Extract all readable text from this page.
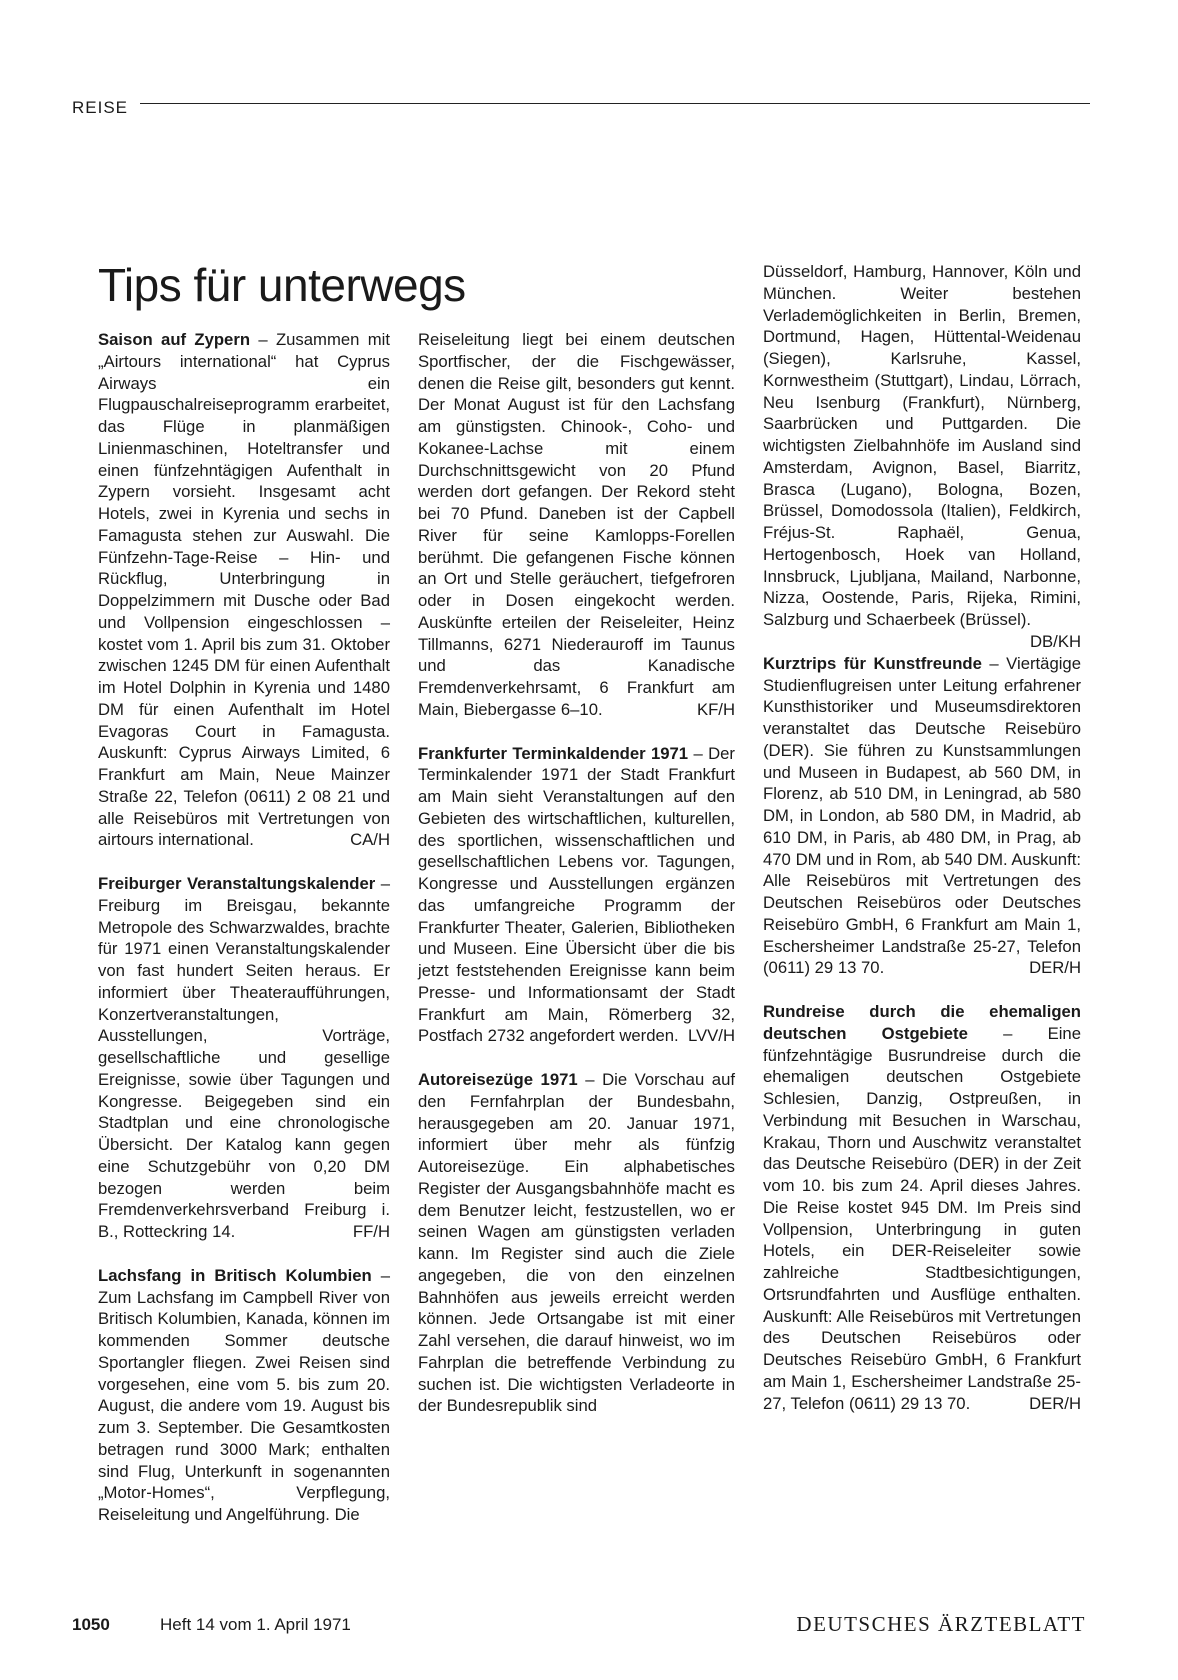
REISE
Tips für unterwegs

Saison auf Zypern – Zusammen mit „Airtours international“ hat Cyprus Airways ein Flugpauschalreiseprogramm erarbeitet, das Flüge in planmäßigen Linienmaschinen, Hoteltransfer und einen fünfzehntägigen Aufenthalt in Zypern vorsieht. Insgesamt acht Hotels, zwei in Kyrenia und sechs in Famagusta stehen zur Auswahl. Die Fünfzehn-Tage-Reise – Hin- und Rückflug, Unterbringung in Doppelzimmern mit Dusche oder Bad und Vollpension eingeschlossen – kostet vom 1. April bis zum 31. Oktober zwischen 1245 DM für einen Aufenthalt im Hotel Dolphin in Kyrenia und 1480 DM für einen Aufenthalt im Hotel Evagoras Court in Famagusta. Auskunft: Cyprus Airways Limited, 6 Frankfurt am Main, Neue Mainzer Straße 22, Telefon (0611) 2 08 21 und alle Reisebüros mit Vertretungen von airtours international.	CA/H

Freiburger Veranstaltungskalender – Freiburg im Breisgau, bekannte Metropole des Schwarzwaldes, brachte für 1971 einen Veranstaltungskalender von fast hundert Seiten heraus. Er informiert über Theateraufführungen, Konzertveranstaltungen, Ausstellungen, Vorträge, gesellschaftliche und gesellige Ereignisse, sowie über Tagungen und Kongresse. Beigegeben sind ein Stadtplan und eine chronologische Übersicht. Der Katalog kann gegen eine Schutzgebühr von 0,20 DM bezogen werden beim Fremdenverkehrsverband Freiburg i. B., Rotteckring 14.	FF/H

Lachsfang in Britisch Kolumbien – Zum Lachsfang im Campbell River von Britisch Kolumbien, Kanada, können im kommenden Sommer deutsche Sportangler fliegen. Zwei Reisen sind vorgesehen, eine vom 5. bis zum 20. August, die andere vom 19. August bis zum 3. September. Die Gesamtkosten betragen rund 3000 Mark; enthalten sind Flug, Unterkunft in sogenannten „Motor-Homes“, Verpflegung, Reiseleitung und Angelführung. Die

Reiseleitung liegt bei einem deutschen Sportfischer, der die Fischgewässer, denen die Reise gilt, besonders gut kennt. Der Monat August ist für den Lachsfang am günstigsten. Chinook-, Coho- und Kokanee-Lachse mit einem Durchschnittsgewicht von 20 Pfund werden dort gefangen. Der Rekord steht bei 70 Pfund. Daneben ist der Capbell River für seine Kamlopps-Forellen berühmt. Die gefangenen Fische können an Ort und Stelle geräuchert, tiefgefroren oder in Dosen eingekocht werden. Auskünfte erteilen der Reiseleiter, Heinz Tillmanns, 6271 Niederauroff im Taunus und das Kanadische Fremdenverkehrsamt, 6 Frankfurt am Main, Biebergasse 6–10.	KF/H

Frankfurter Terminkaldender 1971 – Der Terminkalender 1971 der Stadt Frankfurt am Main sieht Veranstaltungen auf den Gebieten des wirtschaftlichen, kulturellen, des sportlichen, wissenschaftlichen und gesellschaftlichen Lebens vor. Tagungen, Kongresse und Ausstellungen ergänzen das umfangreiche Programm der Frankfurter Theater, Galerien, Bibliotheken und Museen. Eine Übersicht über die bis jetzt feststehenden Ereignisse kann beim Presse- und Informationsamt der Stadt Frankfurt am Main, Römerberg 32, Postfach 2732 angefordert werden. LVV/H

Autoreisezüge 1971 – Die Vorschau auf den Fernfahrplan der Bundesbahn, herausgegeben am 20. Januar 1971, informiert über mehr als fünfzig Autoreisezüge. Ein alphabetisches Register der Ausgangsbahnhöfe macht es dem Benutzer leicht, festzustellen, wo er seinen Wagen am günstigsten verladen kann. Im Register sind auch die Ziele angegeben, die von den einzelnen Bahnhöfen aus jeweils erreicht werden können. Jede Ortsangabe ist mit einer Zahl versehen, die darauf hinweist, wo im Fahrplan die betreffende Verbindung zu suchen ist. Die wichtigsten Verladeorte in der Bundesrepublik sind

Düsseldorf, Hamburg, Hannover, Köln und München. Weiter bestehen Verlademöglichkeiten in Berlin, Bremen, Dortmund, Hagen, Hüttental-Weidenau (Siegen), Karlsruhe, Kassel, Kornwestheim (Stuttgart), Lindau, Lörrach, Neu Isenburg (Frankfurt), Nürnberg, Saarbrücken und Puttgarden. Die wichtigsten Zielbahnhöfe im Ausland sind Amsterdam, Avignon, Basel, Biarritz, Brasca (Lugano), Bologna, Bozen, Brüssel, Domodossola (Italien), Feldkirch, Fréjus-St. Raphaël, Genua, Hertogenbosch, Hoek van Holland, Innsbruck, Ljubljana, Mailand, Narbonne, Nizza, Oostende, Paris, Rijeka, Rimini, Salzburg und Schaerbeek (Brüssel).
DB/KH

Kurztrips für Kunstfreunde – Viertägige Studienflugreisen unter Leitung erfahrener Kunsthistoriker und Museumsdirektoren veranstaltet das Deutsche Reisebüro (DER). Sie führen zu Kunstsammlungen und Museen in Budapest, ab 560 DM, in Florenz, ab 510 DM, in Leningrad, ab 580 DM, in London, ab 580 DM, in Madrid, ab 610 DM, in Paris, ab 480 DM, in Prag, ab 470 DM und in Rom, ab 540 DM. Auskunft: Alle Reisebüros mit Vertretungen des Deutschen Reisebüros oder Deutsches Reisebüro GmbH, 6 Frankfurt am Main 1, Eschersheimer Landstraße 25-27, Telefon (0611) 29 13 70.	DER/H

Rundreise durch die ehemaligen deutschen Ostgebiete – Eine fünfzehntägige Busrundreise durch die ehemaligen deutschen Ostgebiete Schlesien, Danzig, Ostpreußen, in Verbindung mit Besuchen in Warschau, Krakau, Thorn und Auschwitz veranstaltet das Deutsche Reisebüro (DER) in der Zeit vom 10. bis zum 24. April dieses Jahres. Die Reise kostet 945 DM. Im Preis sind Vollpension, Unterbringung in guten Hotels, ein DER-Reiseleiter sowie zahlreiche Stadtbesichtigungen, Ortsrundfahrten und Ausflüge enthalten. Auskunft: Alle Reisebüros mit Vertretungen des Deutschen Reisebüros oder Deutsches Reisebüro GmbH, 6 Frankfurt am Main 1, Eschersheimer Landstraße 25-27, Telefon (0611) 29 13 70.	DER/H

1050	Heft 14 vom 1. April 1971	DEUTSCHES ÄRZTEBLATT
